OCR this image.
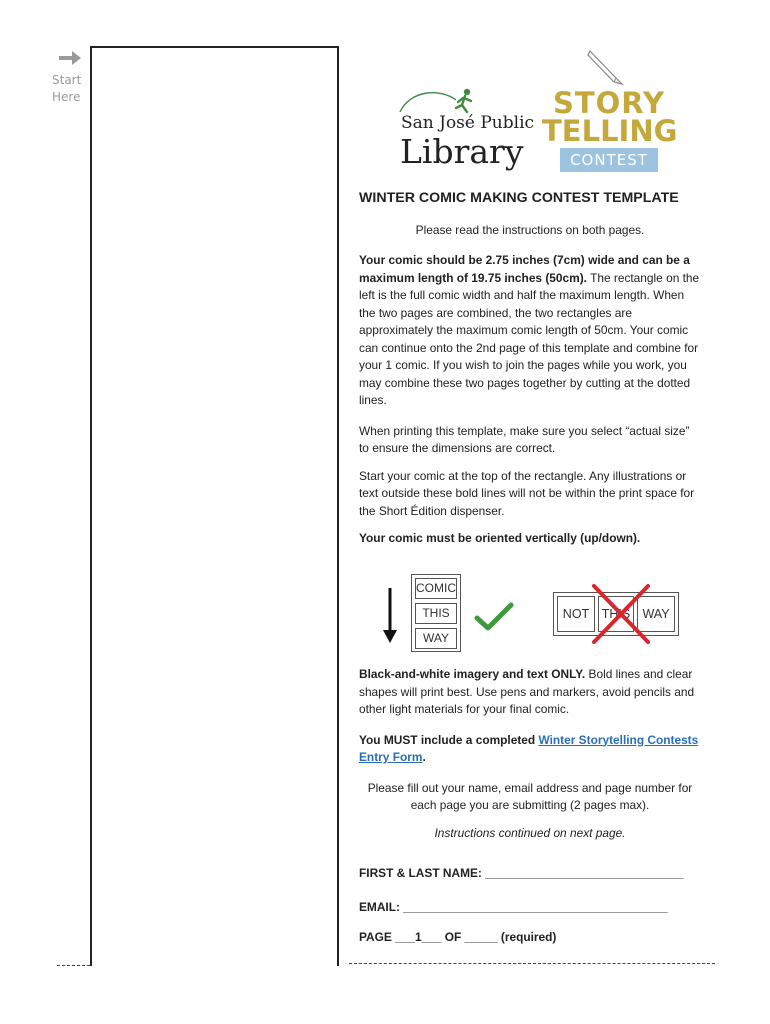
Start
Here
San José Public
Library
STORY
TELLING
CONTEST
WINTER COMIC MAKING CONTEST TEMPLATE

Please read the instructions on both pages.

Your comic should be 2.75 inches (7cm) wide and can be a maximum length of 19.75 inches (50cm). The rectangle on the left is the full comic width and half the maximum length. When the two pages are combined, the two rectangles are approximately the maximum comic length of 50cm. Your comic can continue onto the 2nd page of this template and combine for your 1 comic. If you wish to join the pages while you work, you may combine these two pages together by cutting at the dotted lines.

When printing this template, make sure you select “actual size” to ensure the dimensions are correct.

Start your comic at the top of the rectangle. Any illustrations or text outside these bold lines will not be within the print space for the Short Édition dispenser.

Your comic must be oriented vertically (up/down).

COMIC
THIS
WAY
NOT	THIS WAY

Black-and-white imagery and text ONLY. Bold lines and clear shapes will print best. Use pens and markers, avoid pencils and other light materials for your final comic.

You MUST include a completed Winter Storytelling Contests Entry Form.

Please fill out your name, email address and page number for each page you are submitting (2 pages max).

Instructions continued on next page.

FIRST & LAST NAME: ______________________________
EMAIL: ________________________________________
PAGE ___1___ OF _____ (required)
